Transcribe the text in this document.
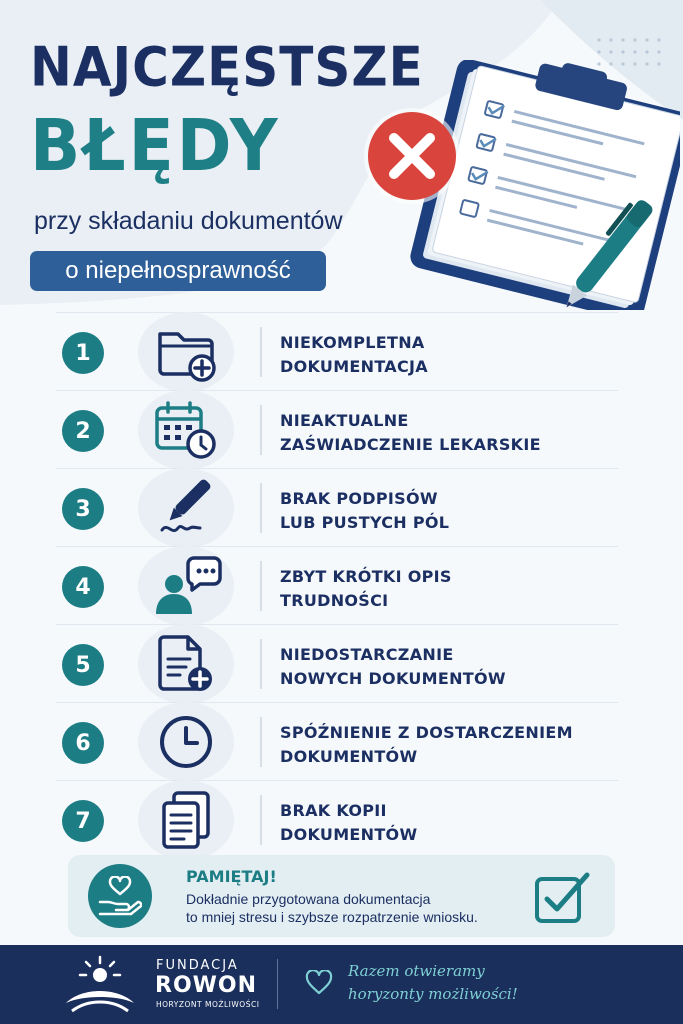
NAJCZĘSTSZE
BŁĘDY
przy składaniu dokumentów
o niepełnosprawność
1	NIEKOMPLETNA
DOKUMENTACJA
2	NIEAKTUALNE
ZAŚWIADCZENIE LEKARSKIE
3	BRAK PODPISÓW
LUB PUSTYCH PÓL
4	ZBYT KRÓTKI OPIS
TRUDNOŚCI
5	NIEDOSTARCZANIE
NOWYCH DOKUMENTÓW
6	SPÓŹNIENIE Z DOSTARCZENIEM
DOKUMENTÓW
7	BRAK KOPII
DOKUMENTÓW
PAMIĘTAJ!
Dokładnie przygotowana dokumentacja
to mniej stresu i szybsze rozpatrzenie wniosku.
FUNDACJA
ROWON
HORYZONT MOŻLIWOŚCI
Razem otwieramy
horyzonty możliwości!
